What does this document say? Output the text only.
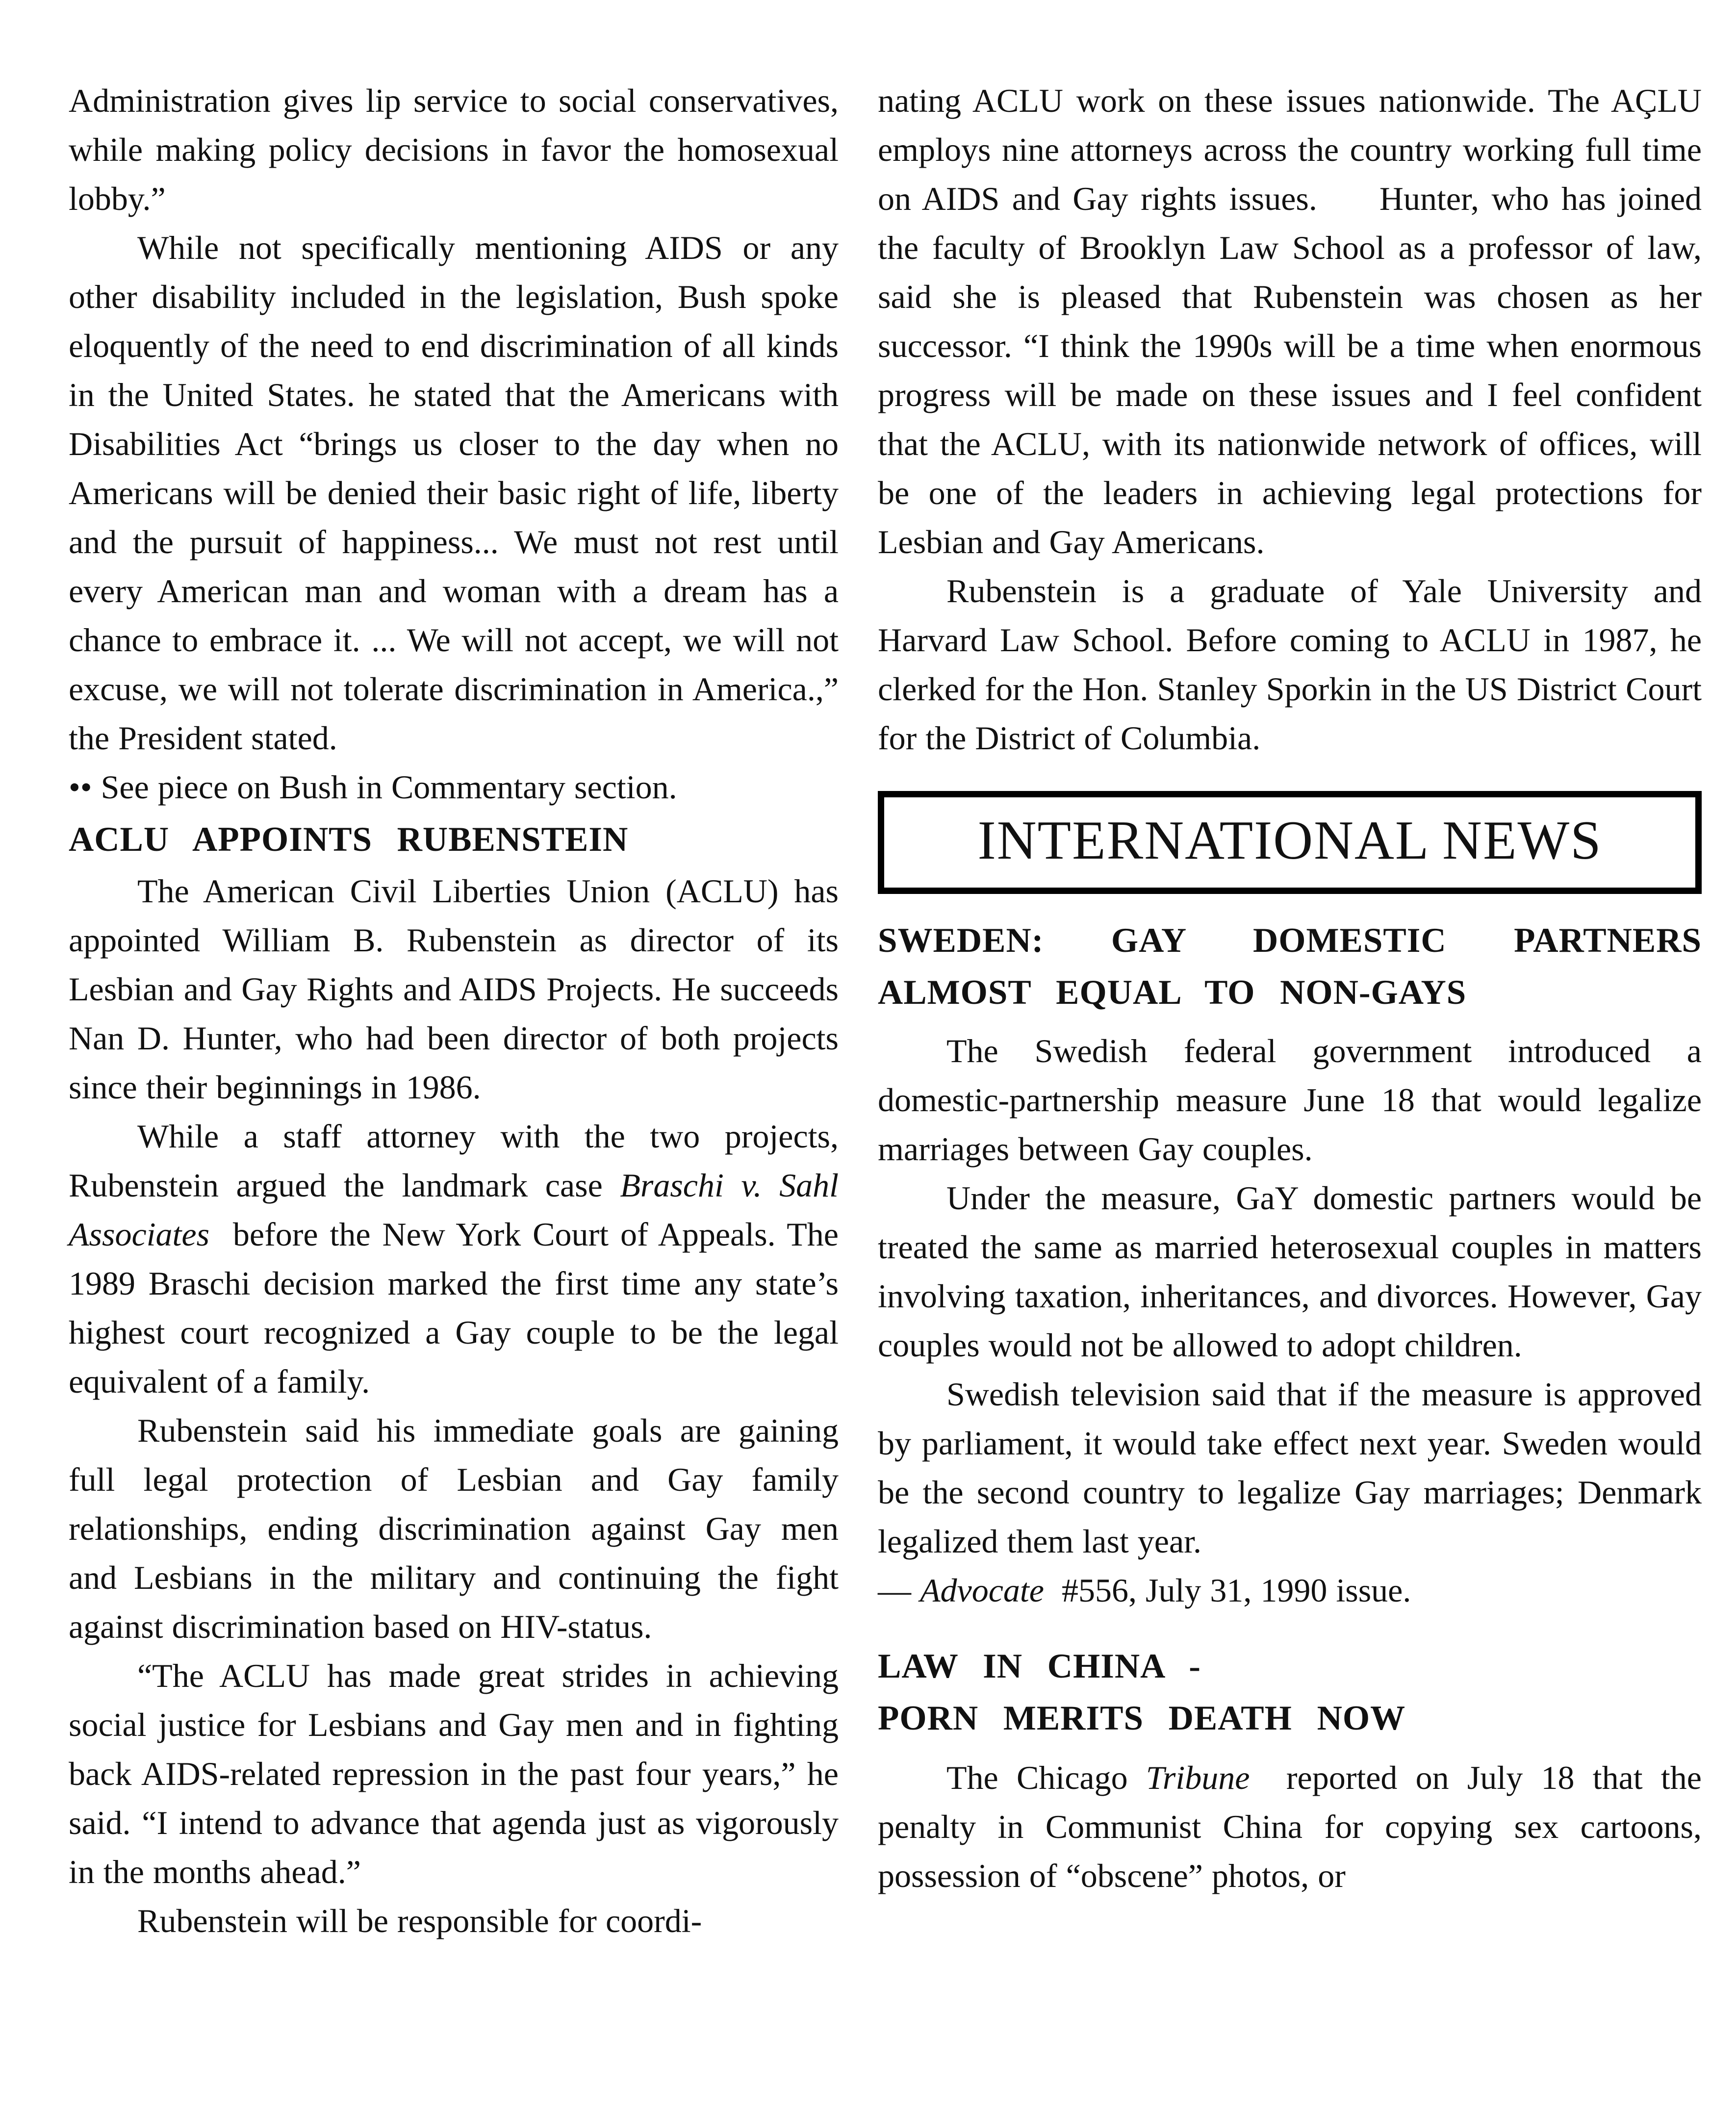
Administration gives lip service to social conservatives, while making policy decisions in favor the homosexual lobby.”

While not specifically mentioning AIDS or any other disability included in the legislation, Bush spoke eloquently of the need to end discrimination of all kinds in the United States. he stated that the Americans with Disabilities Act “brings us closer to the day when no Americans will be denied their basic right of life, liberty and the pursuit of happiness... We must not rest until every American man and woman with a dream has a chance to embrace it. ... We will not accept, we will not excuse, we will not tolerate discrimination in America.,” the President stated.

•• See piece on Bush in Commentary section.

ACLU APPOINTS RUBENSTEIN

The American Civil Liberties Union (ACLU) has appointed William B. Rubenstein as director of its Lesbian and Gay Rights and AIDS Projects. He succeeds Nan D. Hunter, who had been director of both projects since their beginnings in 1986.

While a staff attorney with the two projects, Rubenstein argued the landmark case Braschi v. Sahl Associates  before the New York Court of Appeals. The 1989 Braschi decision marked the first time any state’s highest court recognized a Gay couple to be the legal equivalent of a family.

Rubenstein said his immediate goals are gaining full legal protection of Lesbian and Gay family relationships, ending discrimination against Gay men and Lesbians in the military and continuing the fight against discrimination based on HIV-status.

“The ACLU has made great strides in achieving social justice for Lesbians and Gay men and in fighting back AIDS-related repression in the past four years,” he said. “I intend to advance that agenda just as vigorously in the months ahead.”

Rubenstein will be responsible for coordi-

nating ACLU work on these issues nationwide. The AÇLU employs nine attorneys across the country working full time on AIDS and Gay rights issues.     Hunter, who has joined the faculty of Brooklyn Law School as a professor of law, said she is pleased that Rubenstein was chosen as her successor. “I think the 1990s will be a time when enormous progress will be made on these issues and I feel confident that the ACLU, with its nationwide network of offices, will be one of the leaders in achieving legal protections for Lesbian and Gay Americans.

Rubenstein is a graduate of Yale University and Harvard Law School. Before coming to ACLU in 1987, he clerked for the Hon. Stanley Sporkin in the US District Court for the District of Columbia.

INTERNATIONAL NEWS
SWEDEN: GAY DOMESTIC PARTNERS
ALMOST EQUAL TO NON-GAYS

The Swedish federal government introduced a domestic-partnership measure June 18 that would legalize marriages between Gay couples.

Under the measure, GaY domestic partners would be treated the same as married heterosexual couples in matters involving taxation, inheritances, and divorces. However, Gay couples would not be allowed to adopt children.

Swedish television said that if the measure is approved by parliament, it would take effect next year. Sweden would be the second country to legalize Gay marriages; Denmark legalized them last year.

— Advocate  #556, July 31, 1990 issue.

LAW IN CHINA -
PORN MERITS DEATH NOW

The Chicago Tribune  reported on July 18 that the penalty in Communist China for copying sex cartoons, possession of “obscene” photos, or
